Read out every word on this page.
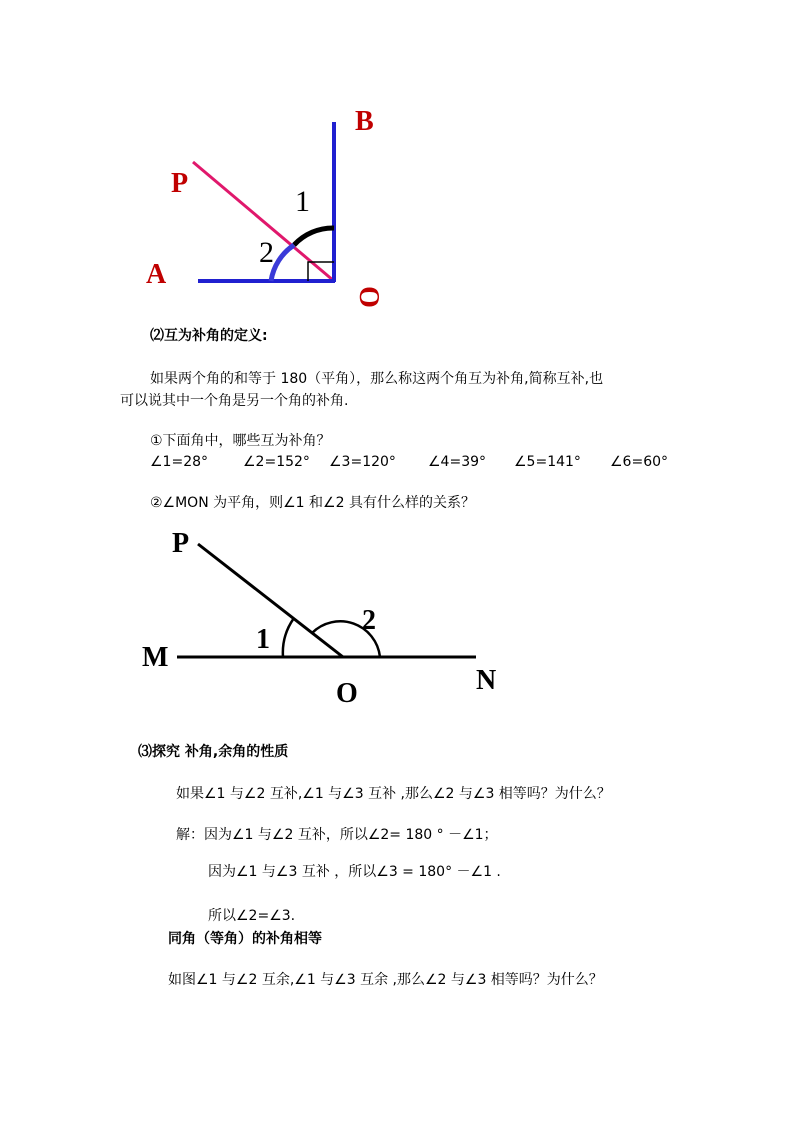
B
P
1
2
A
O
⑵互为补角的定义:
如果两个角的和等于 180（平角），那么称这两个角互为补角,简称互补,也
可以说其中一个角是另一个角的补角.
①下面角中，哪些互为补角？
∠1=28° ∠2=152° ∠3=120° ∠4=39° ∠5=141° ∠6=60°
②∠MON 为平角，则∠1 和∠2 具有什么样的关系？
P
2
1
M
N
O
⑶探究 补角,余角的性质
如果∠1 与∠2 互补,∠1 与∠3 互补 ,那么∠2 与∠3 相等吗？为什么？
解：因为∠1 与∠2 互补，所以∠2= 180 ° －∠1；
因为∠1 与∠3 互补 ，所以∠3 = 180° －∠1 .
所以∠2=∠3.
同角（等角）的补角相等
如图∠1 与∠2 互余,∠1 与∠3 互余 ,那么∠2 与∠3 相等吗？为什么？
